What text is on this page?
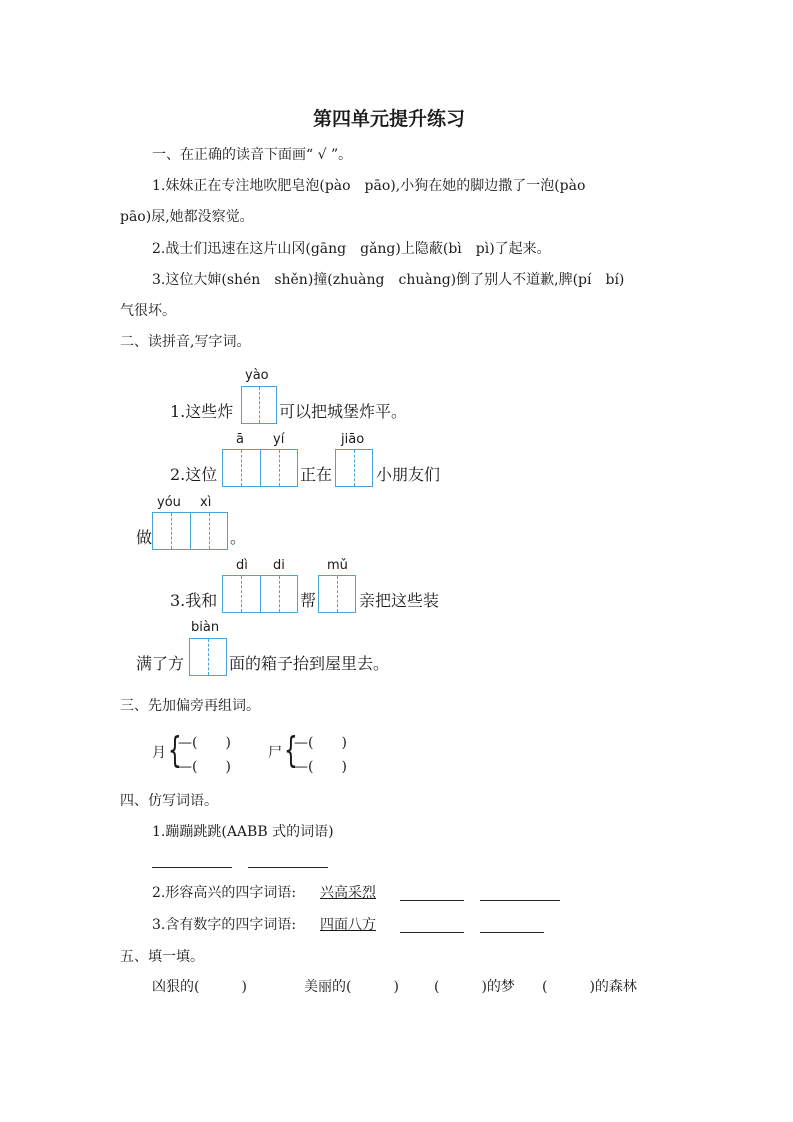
第四单元提升练习
一、在正确的读音下面画“ √ ”。
1.妹妹正在专注地吹肥皂泡(pào　pāo),小狗在她的脚边撒了一泡(pào
pāo)尿,她都没察觉。
2.战士们迅速在这片山冈(gāng　gǎng)上隐蔽(bì　pì)了起来。
3.这位大婶(shén　shěn)撞(zhuàng　chuàng)倒了别人不道歉,脾(pí　bí)
气很坏。
二、读拼音,写字词。
yào
1.这些炸	可以把城堡炸平。
ā yí	jiāo
2.这位	正在	小朋友们
yóu xì
做	。
dì di	mǔ
3.我和	帮	亲把这些装
biàn
满了方	面的箱子抬到屋里去。
三、先加偏旁再组词。
月 {
—(　　)
—(　　)
尸 {
—(　　)
—(　　)
四、仿写词语。
1.蹦蹦跳跳(AABB 式的词语)
2.形容高兴的四字词语: 兴高采烈
3.含有数字的四字词语: 四面八方
五、填一填。
凶狠的(　　　)	美丽的(　　　)	(　　　)的梦 (　　　)的森林
